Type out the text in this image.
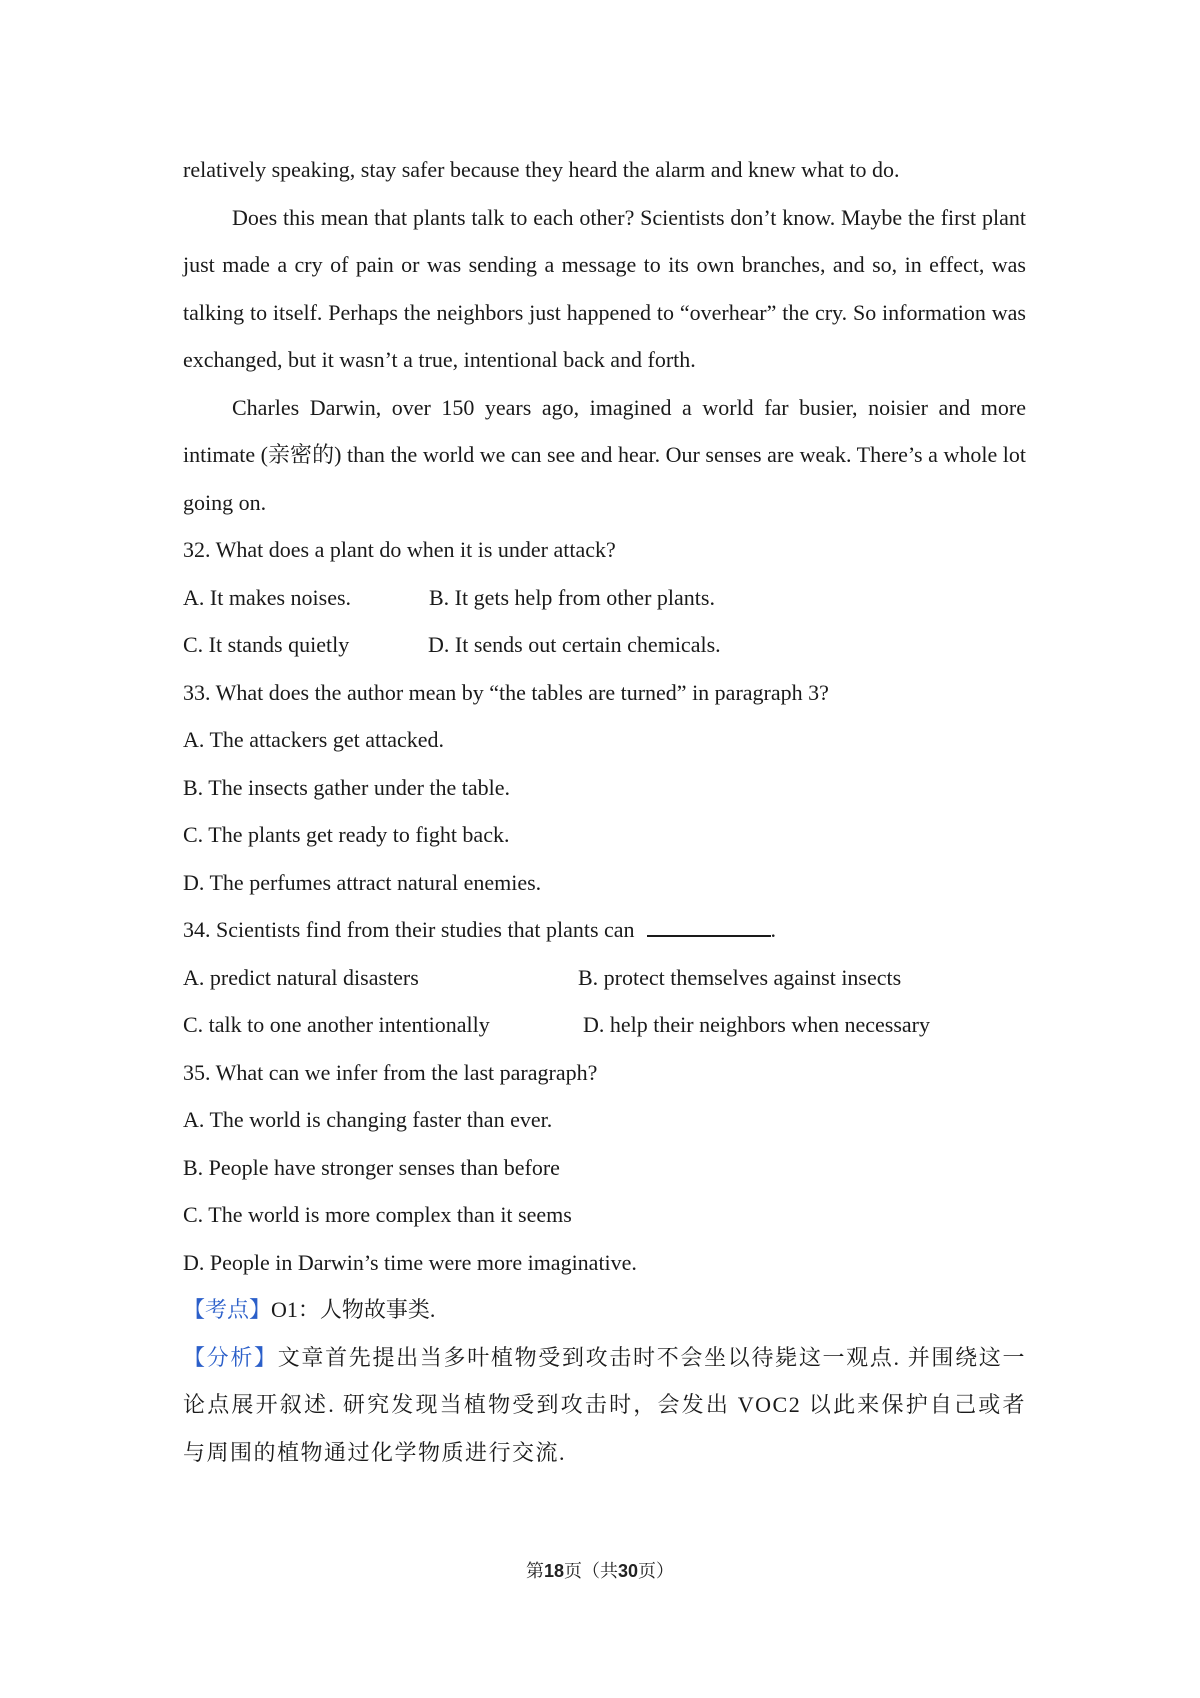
relatively speaking, stay safer because they heard the alarm and knew what to do.

Does this mean that plants talk to each other? Scientists don’t know. Maybe the first plant just made a cry of pain or was sending a message to its own branches, and so, in effect, was talking to itself. Perhaps the neighbors just happened to “overhear” the cry. So information was exchanged, but it wasn’t a true, intentional back and forth.

Charles Darwin, over 150 years ago, imagined a world far busier, noisier and more intimate (亲密的) than the world we can see and hear. Our senses are weak. There’s a whole lot going on.

32. What does a plant do when it is under attack?

A. It makes noises.	B. It gets help from other plants.
C. It stands quietly	D. It sends out certain chemicals.

33. What does the author mean by “the tables are turned” in paragraph 3?

A. The attackers get attacked.

B. The insects gather under the table.

C. The plants get ready to fight back.

D. The perfumes attract natural enemies.

34. Scientists find from their studies that plants can	.

A. predict natural disasters	B. protect themselves against insects
C. talk to one another intentionally	D. help their neighbors when necessary

35. What can we infer from the last paragraph?

A. The world is changing faster than ever.

B. People have stronger senses than before

C. The world is more complex than it seems

D. People in Darwin’s time were more imaginative.

【考点】O1：人物故事类.

【分析】文章首先提出当多叶植物受到攻击时不会坐以待毙这一观点. 并围绕这一论点展开叙述. 研究发现当植物受到攻击时，会发出 VOC2 以此来保护自己或者与周围的植物通过化学物质进行交流.

第18页（共30页）
